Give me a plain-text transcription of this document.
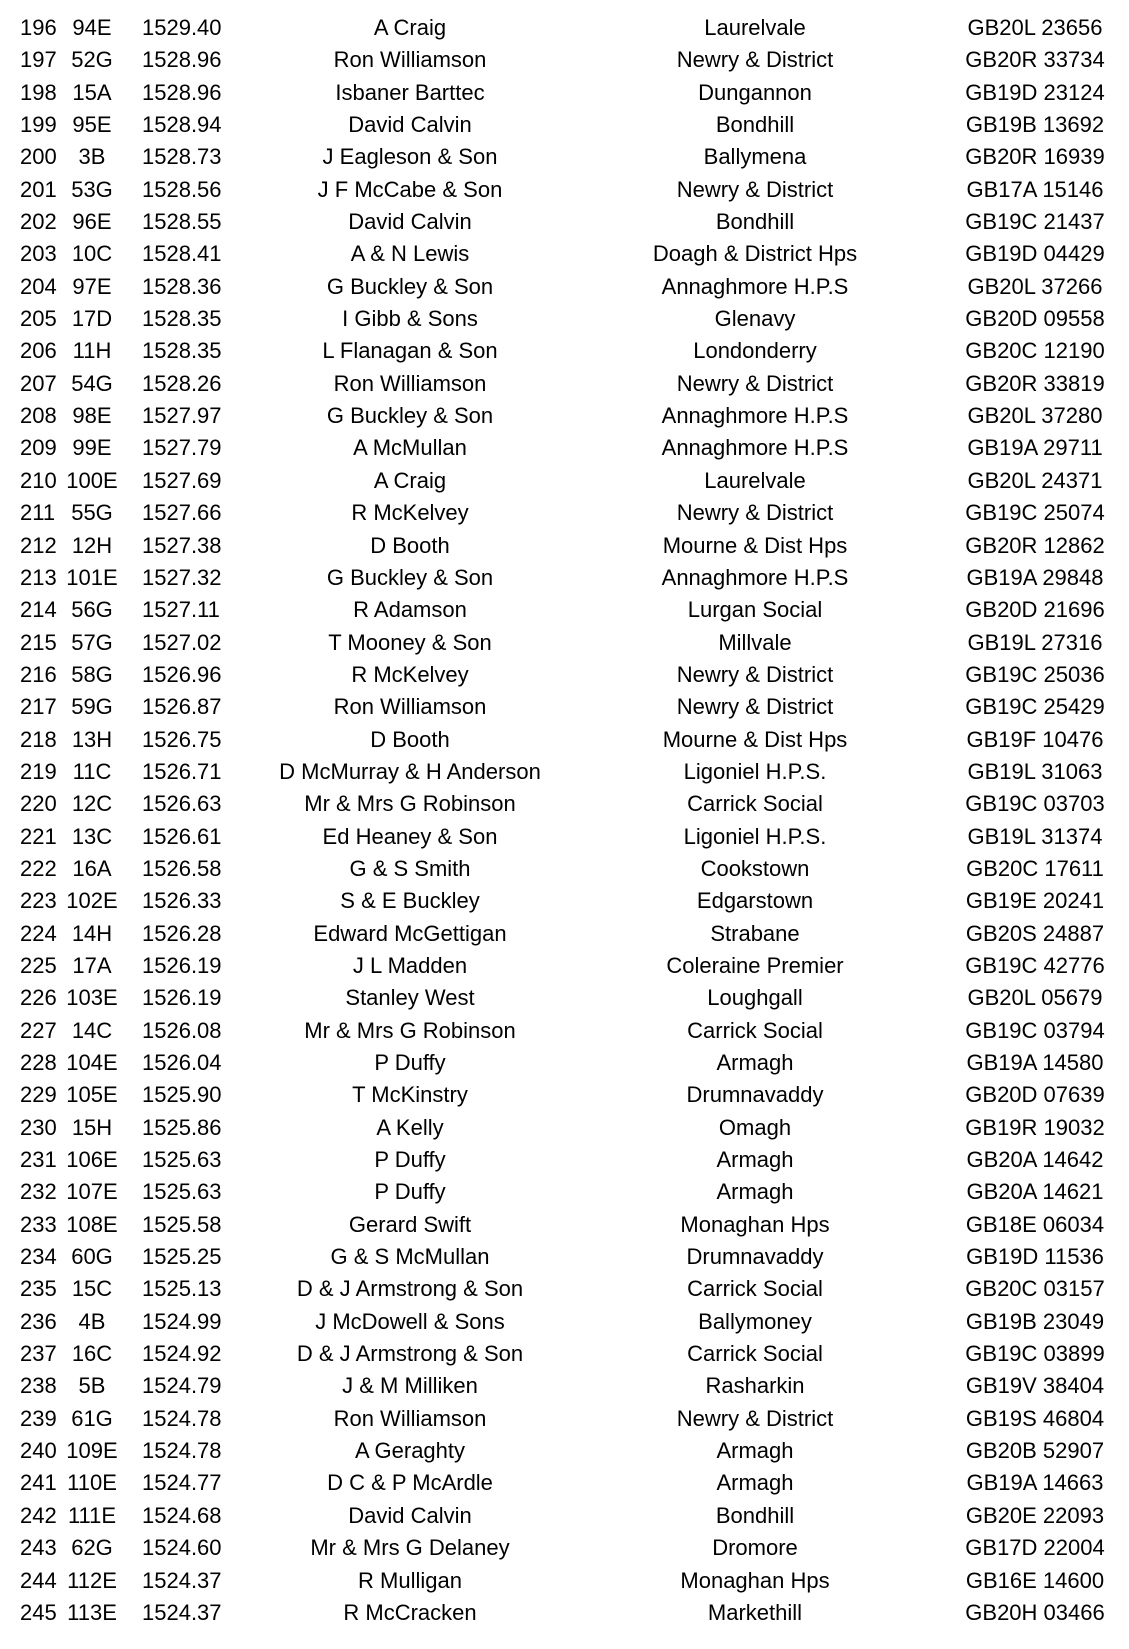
196 94E	1529.40	A Craig	Laurelvale	GB20L 23656
197 52G	1528.96	Ron Williamson	Newry & District	GB20R 33734
198 15A	1528.96	Isbaner Barttec	Dungannon	GB19D 23124
199 95E	1528.94	David Calvin	Bondhill	GB19B 13692
200 3B	1528.73	J Eagleson & Son	Ballymena	GB20R 16939
201 53G	1528.56	J F McCabe & Son	Newry & District	GB17A 15146
202 96E	1528.55	David Calvin	Bondhill	GB19C 21437
203 10C	1528.41	A & N Lewis	Doagh & District Hps	GB19D 04429
204 97E	1528.36	G Buckley & Son	Annaghmore H.P.S	GB20L 37266
205 17D	1528.35	I Gibb & Sons	Glenavy	GB20D 09558
206 11H	1528.35	L Flanagan & Son	Londonderry	GB20C 12190
207 54G	1528.26	Ron Williamson	Newry & District	GB20R 33819
208 98E	1527.97	G Buckley & Son	Annaghmore H.P.S	GB20L 37280
209 99E	1527.79	A McMullan	Annaghmore H.P.S	GB19A 29711
210 100E 1527.69	A Craig	Laurelvale	GB20L 24371
211 55G	1527.66	R McKelvey	Newry & District	GB19C 25074
212 12H	1527.38	D Booth	Mourne & Dist Hps	GB20R 12862
213 101E 1527.32	G Buckley & Son	Annaghmore H.P.S	GB19A 29848
214 56G	1527.11	R Adamson	Lurgan Social	GB20D 21696
215 57G	1527.02	T Mooney & Son	Millvale	GB19L 27316
216 58G	1526.96	R McKelvey	Newry & District	GB19C 25036
217 59G	1526.87	Ron Williamson	Newry & District	GB19C 25429
218 13H	1526.75	D Booth	Mourne & Dist Hps	GB19F 10476
219 11C	1526.71	D McMurray & H Anderson	Ligoniel H.P.S.	GB19L 31063
220 12C	1526.63	Mr & Mrs G Robinson	Carrick Social	GB19C 03703
221 13C	1526.61	Ed Heaney & Son	Ligoniel H.P.S.	GB19L 31374
222 16A	1526.58	G & S Smith	Cookstown	GB20C 17611
223 102E 1526.33	S & E Buckley	Edgarstown	GB19E 20241
224 14H	1526.28	Edward McGettigan	Strabane	GB20S 24887
225 17A	1526.19	J L Madden	Coleraine Premier	GB19C 42776
226 103E 1526.19	Stanley West	Loughgall	GB20L 05679
227 14C	1526.08	Mr & Mrs G Robinson	Carrick Social	GB19C 03794
228 104E 1526.04	P Duffy	Armagh	GB19A 14580
229 105E 1525.90	T McKinstry	Drumnavaddy	GB20D 07639
230 15H	1525.86	A Kelly	Omagh	GB19R 19032
231 106E 1525.63	P Duffy	Armagh	GB20A 14642
232 107E 1525.63	P Duffy	Armagh	GB20A 14621
233 108E 1525.58	Gerard Swift	Monaghan Hps	GB18E 06034
234 60G	1525.25	G & S McMullan	Drumnavaddy	GB19D 11536
235 15C	1525.13	D & J Armstrong & Son	Carrick Social	GB20C 03157
236 4B	1524.99	J McDowell & Sons	Ballymoney	GB19B 23049
237 16C	1524.92	D & J Armstrong & Son	Carrick Social	GB19C 03899
238 5B	1524.79	J & M Milliken	Rasharkin	GB19V 38404
239 61G	1524.78	Ron Williamson	Newry & District	GB19S 46804
240 109E 1524.78	A Geraghty	Armagh	GB20B 52907
241 110E 1524.77	D C & P McArdle	Armagh	GB19A 14663
242 111E 1524.68	David Calvin	Bondhill	GB20E 22093
243 62G	1524.60	Mr & Mrs G Delaney	Dromore	GB17D 22004
244 112E 1524.37	R Mulligan	Monaghan Hps	GB16E 14600
245 113E 1524.37	R McCracken	Markethill	GB20H 03466
